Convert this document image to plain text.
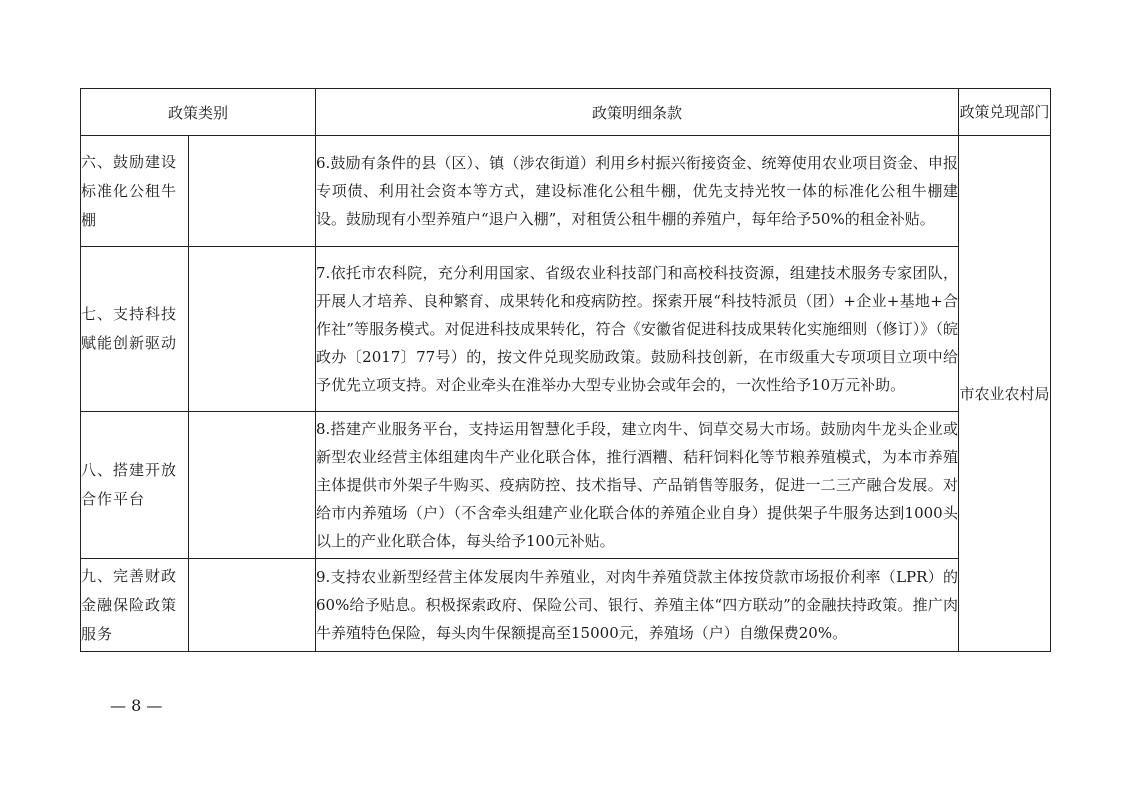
政策类别		政策明细条款	政策兑现部门
六、鼓励建设标准化公租牛棚		6.鼓励有条件的县（区）、镇（涉农街道）利用乡村振兴衔接资金、统筹使用农业项目资金、申报专项债、利用社会资本等方式，建设标准化公租牛棚，优先支持光牧一体的标准化公租牛棚建设。鼓励现有小型养殖户“退户入棚”，对租赁公租牛棚的养殖户，每年给予50%的租金补贴。	市农业农村局
七、支持科技赋能创新驱动		7.依托市农科院，充分利用国家、省级农业科技部门和高校科技资源，组建技术服务专家团队，开展人才培养、良种繁育、成果转化和疫病防控。探索开展“科技特派员（团）+企业+基地+合作社”等服务模式。对促进科技成果转化，符合《安徽省促进科技成果转化实施细则（修订）》（皖政办〔2017〕77号）的，按文件兑现奖励政策。鼓励科技创新，在市级重大专项项目立项中给予优先立项支持。对企业牵头在淮举办大型专业协会或年会的，一次性给予10万元补助。	
八、搭建开放合作平台		8.搭建产业服务平台，支持运用智慧化手段，建立肉牛、饲草交易大市场。鼓励肉牛龙头企业或新型农业经营主体组建肉牛产业化联合体，推行酒糟、秸秆饲料化等节粮养殖模式，为本市养殖主体提供市外架子牛购买、疫病防控、技术指导、产品销售等服务，促进一二三产融合发展。对给市内养殖场（户）（不含牵头组建产业化联合体的养殖企业自身）提供架子牛服务达到1000头以上的产业化联合体，每头给予100元补贴。	
九、完善财政金融保险政策服务		9.支持农业新型经营主体发展肉牛养殖业，对肉牛养殖贷款主体按贷款市场报价利率（LPR）的60%给予贴息。积极探索政府、保险公司、银行、养殖主体“四方联动”的金融扶持政策。推广肉牛养殖特色保险，每头肉牛保额提高至15000元，养殖场（户）自缴保费20%。	
— 8 —
